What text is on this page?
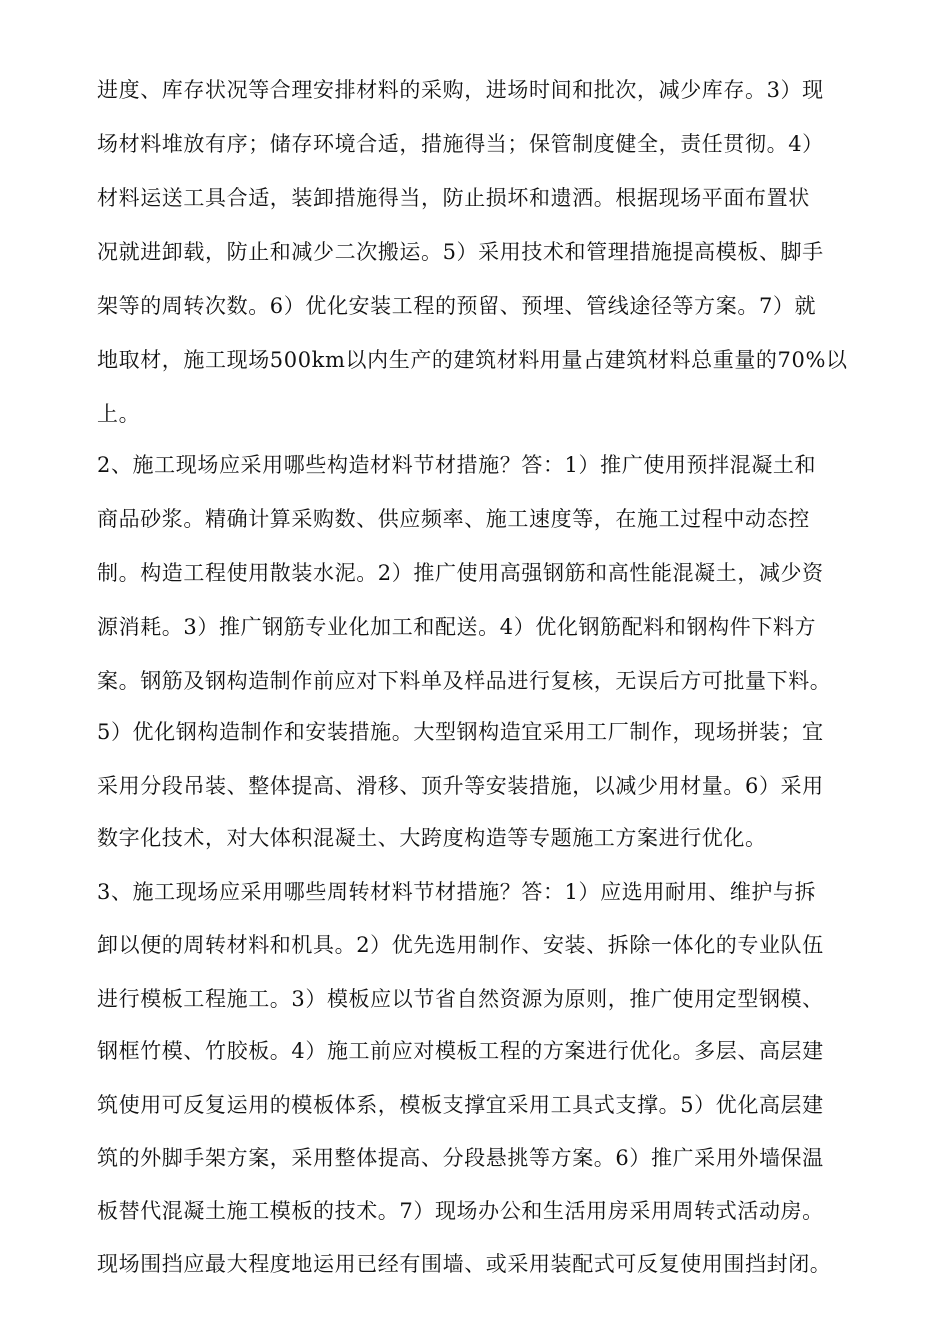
进度、库存状况等合理安排材料的采购，进场时间和批次，减少库存。3）现
场材料堆放有序；储存环境合适，措施得当；保管制度健全，责任贯彻。4）
材料运送工具合适，装卸措施得当，防止损坏和遗洒。根据现场平面布置状
况就进卸载，防止和减少二次搬运。5）采用技术和管理措施提高模板、脚手
架等的周转次数。6）优化安装工程的预留、预埋、管线途径等方案。7）就
地取材，施工现场500km以内生产的建筑材料用量占建筑材料总重量的70%以
上。
2、施工现场应采用哪些构造材料节材措施？答：1）推广使用预拌混凝土和
商品砂浆。精确计算采购数、供应频率、施工速度等，在施工过程中动态控
制。构造工程使用散装水泥。2）推广使用高强钢筋和高性能混凝土，减少资
源消耗。3）推广钢筋专业化加工和配送。4）优化钢筋配料和钢构件下料方
案。钢筋及钢构造制作前应对下料单及样品进行复核，无误后方可批量下料。
5）优化钢构造制作和安装措施。大型钢构造宜采用工厂制作，现场拼装；宜
采用分段吊装、整体提高、滑移、顶升等安装措施，以减少用材量。6）采用
数字化技术，对大体积混凝土、大跨度构造等专题施工方案进行优化。
3、施工现场应采用哪些周转材料节材措施？答：1）应选用耐用、维护与拆
卸以便的周转材料和机具。2）优先选用制作、安装、拆除一体化的专业队伍
进行模板工程施工。3）模板应以节省自然资源为原则，推广使用定型钢模、
钢框竹模、竹胶板。4）施工前应对模板工程的方案进行优化。多层、高层建
筑使用可反复运用的模板体系，模板支撑宜采用工具式支撑。5）优化高层建
筑的外脚手架方案，采用整体提高、分段悬挑等方案。6）推广采用外墙保温
板替代混凝土施工模板的技术。7）现场办公和生活用房采用周转式活动房。
现场围挡应最大程度地运用已经有围墙、或采用装配式可反复使用围挡封闭。
